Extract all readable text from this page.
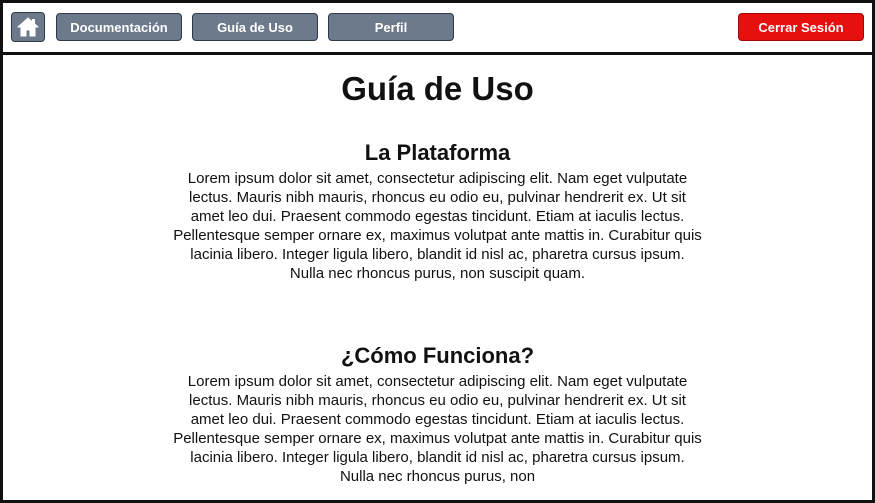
Documentación	Guía de Uso	Perfil	Cerrar Sesión
Guía de Uso
La Plataforma

Lorem ipsum dolor sit amet, consectetur adipiscing elit. Nam eget vulputate lectus. Mauris nibh mauris, rhoncus eu odio eu, pulvinar hendrerit ex. Ut sit amet leo dui. Praesent commodo egestas tincidunt. Etiam at iaculis lectus. Pellentesque semper ornare ex, maximus volutpat ante mattis in. Curabitur quis lacinia libero. Integer ligula libero, blandit id nisl ac, pharetra cursus ipsum. Nulla nec rhoncus purus, non suscipit quam.

¿Cómo Funciona?

Lorem ipsum dolor sit amet, consectetur adipiscing elit. Nam eget vulputate lectus. Mauris nibh mauris, rhoncus eu odio eu, pulvinar hendrerit ex. Ut sit amet leo dui. Praesent commodo egestas tincidunt. Etiam at iaculis lectus. Pellentesque semper ornare ex, maximus volutpat ante mattis in. Curabitur quis lacinia libero. Integer ligula libero, blandit id nisl ac, pharetra cursus ipsum. Nulla nec rhoncus purus, non
